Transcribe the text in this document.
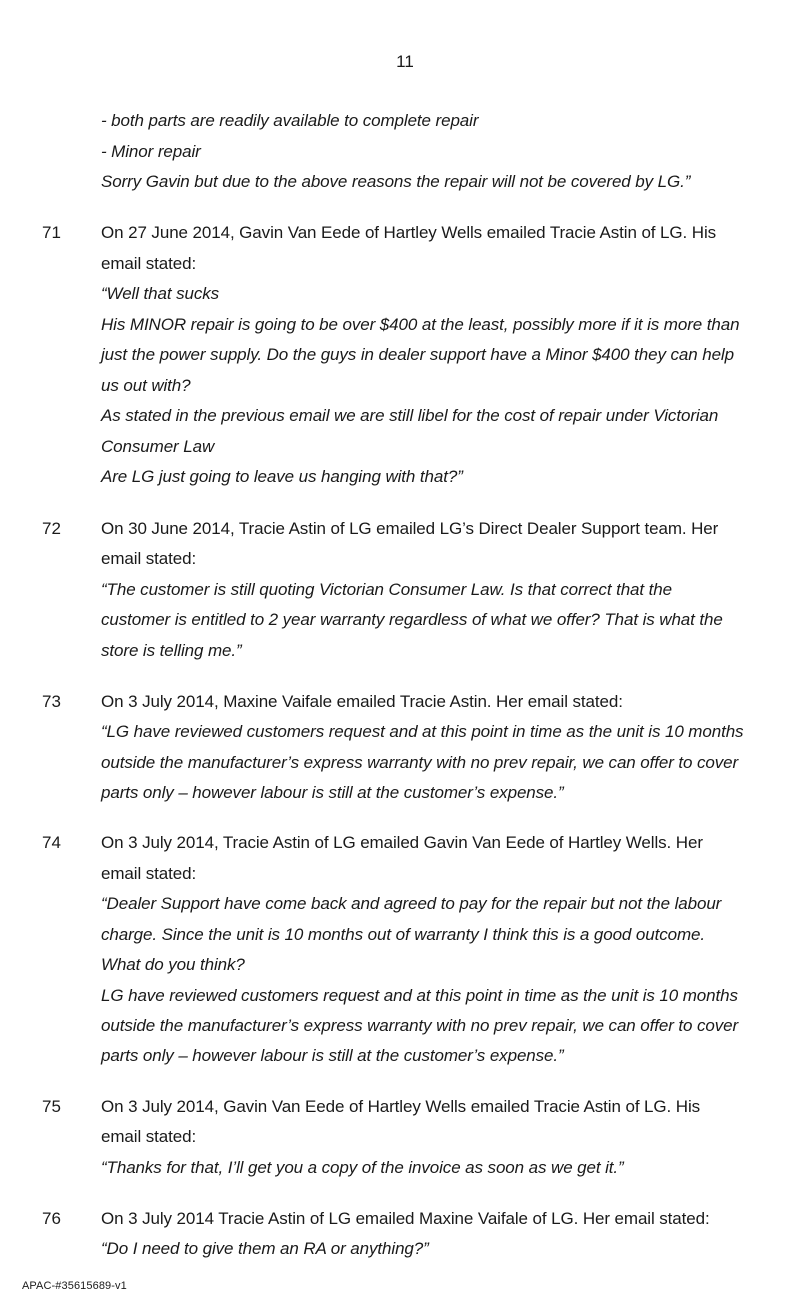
11
- both parts are readily available to complete repair
- Minor repair
Sorry Gavin but due to the above reasons the repair will not be covered by LG.”
71 On 27 June 2014, Gavin Van Eede of Hartley Wells emailed Tracie Astin of LG. His
email stated:
“Well that sucks
His MINOR repair is going to be over $400 at the least, possibly more if it is more than
just the power supply. Do the guys in dealer support have a Minor $400 they can help
us out with?
As stated in the previous email we are still libel for the cost of repair under Victorian
Consumer Law
Are LG just going to leave us hanging with that?”
72 On 30 June 2014, Tracie Astin of LG emailed LG’s Direct Dealer Support team. Her
email stated:
“The customer is still quoting Victorian Consumer Law. Is that correct that the
customer is entitled to 2 year warranty regardless of what we offer? That is what the
store is telling me.”
73 On 3 July 2014, Maxine Vaifale emailed Tracie Astin. Her email stated:
“LG have reviewed customers request and at this point in time as the unit is 10 months
outside the manufacturer’s express warranty with no prev repair, we can offer to cover
parts only – however labour is still at the customer’s expense.”
74 On 3 July 2014, Tracie Astin of LG emailed Gavin Van Eede of Hartley Wells. Her
email stated:
“Dealer Support have come back and agreed to pay for the repair but not the labour
charge. Since the unit is 10 months out of warranty I think this is a good outcome.
What do you think?
LG have reviewed customers request and at this point in time as the unit is 10 months
outside the manufacturer’s express warranty with no prev repair, we can offer to cover
parts only – however labour is still at the customer’s expense.”
75 On 3 July 2014, Gavin Van Eede of Hartley Wells emailed Tracie Astin of LG. His
email stated:
“Thanks for that, I’ll get you a copy of the invoice as soon as we get it.”
76 On 3 July 2014 Tracie Astin of LG emailed Maxine Vaifale of LG. Her email stated:
“Do I need to give them an RA or anything?”
APAC-#35615689-v1
